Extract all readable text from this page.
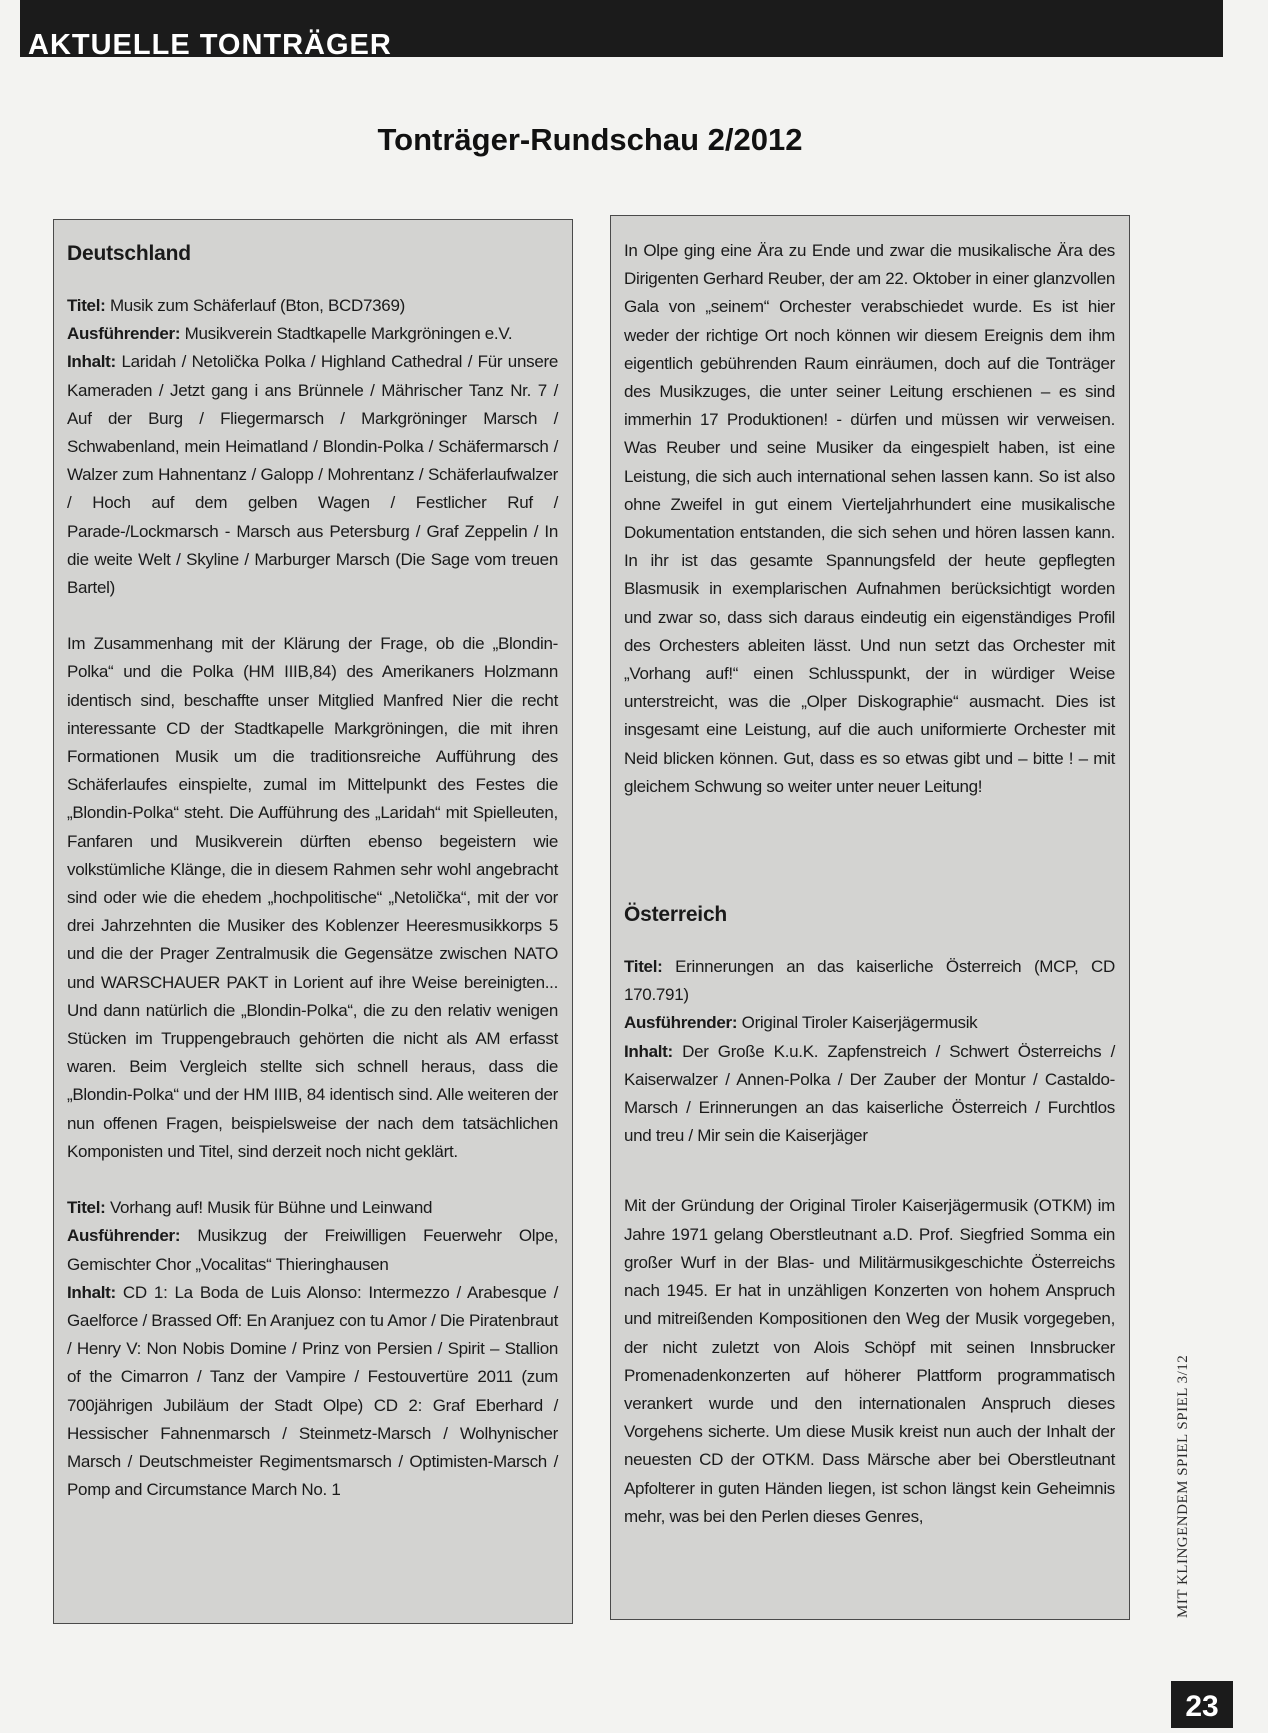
AKTUELLE TONTRÄGER
Tonträger-Rundschau 2/2012
Deutschland

Titel: Musik zum Schäferlauf (Bton, BCD7369)
Ausführender: Musikverein Stadtkapelle Markgröningen e.V.
Inhalt: Laridah / Netolička Polka / Highland Cathedral / Für unsere Kameraden / Jetzt gang i ans Brünnele / Mährischer Tanz Nr. 7 / Auf der Burg / Fliegermarsch / Markgröninger Marsch / Schwabenland, mein Heimatland / Blondin-Polka / Schäfermarsch / Walzer zum Hahnentanz / Galopp / Mohrentanz / Schäferlaufwalzer / Hoch auf dem gelben Wagen / Festlicher Ruf / Parade-/Lockmarsch - Marsch aus Petersburg / Graf Zeppelin / In die weite Welt / Skyline / Marburger Marsch (Die Sage vom treuen Bartel)

Im Zusammenhang mit der Klärung der Frage, ob die „Blondin-Polka“ und die Polka (HM IIIB,84) des Amerikaners Holzmann identisch sind, beschaffte unser Mitglied Manfred Nier die recht interessante CD der Stadtkapelle Markgröningen, die mit ihren Formationen Musik um die traditionsreiche Aufführung des Schäferlaufes einspielte, zumal im Mittelpunkt des Festes die „Blondin-Polka“ steht. Die Aufführung des „Laridah“ mit Spielleuten, Fanfaren und Musikverein dürften ebenso begeistern wie volkstümliche Klänge, die in diesem Rahmen sehr wohl angebracht sind oder wie die ehedem „hochpolitische“ „Netolička“, mit der vor drei Jahrzehnten die Musiker des Koblenzer Heeresmusikkorps 5 und die der Prager Zentralmusik die Gegensätze zwischen NATO und WARSCHAUER PAKT in Lorient auf ihre Weise bereinigten... Und dann natürlich die „Blondin-Polka“, die zu den relativ wenigen Stücken im Truppengebrauch gehörten die nicht als AM erfasst waren. Beim Vergleich stellte sich schnell heraus, dass die „Blondin-Polka“ und der HM IIIB, 84 identisch sind. Alle weiteren der nun offenen Fragen, beispielsweise der nach dem tatsächlichen Komponisten und Titel, sind derzeit noch nicht geklärt.

Titel: Vorhang auf! Musik für Bühne und Leinwand
Ausführender: Musikzug der Freiwilligen Feuerwehr Olpe, Gemischter Chor „Vocalitas“ Thieringhausen
Inhalt: CD 1: La Boda de Luis Alonso: Intermezzo / Arabesque / Gaelforce / Brassed Off: En Aranjuez con tu Amor / Die Piratenbraut / Henry V: Non Nobis Domine / Prinz von Persien / Spirit – Stallion of the Cimarron / Tanz der Vampire / Festouvertüre 2011 (zum 700jährigen Jubiläum der Stadt Olpe) CD 2: Graf Eberhard / Hessischer Fahnenmarsch / Steinmetz-Marsch / Wolhynischer Marsch / Deutschmeister Regimentsmarsch / Optimisten-Marsch / Pomp and Circumstance March No. 1

In Olpe ging eine Ära zu Ende und zwar die musikalische Ära des Dirigenten Gerhard Reuber, der am 22. Oktober in einer glanzvollen Gala von „seinem“ Orchester verabschiedet wurde. Es ist hier weder der richtige Ort noch können wir diesem Ereignis dem ihm eigentlich gebührenden Raum einräumen, doch auf die Tonträger des Musikzuges, die unter seiner Leitung erschienen – es sind immerhin 17 Produktionen! - dürfen und müssen wir verweisen. Was Reuber und seine Musiker da eingespielt haben, ist eine Leistung, die sich auch international sehen lassen kann. So ist also ohne Zweifel in gut einem Vierteljahrhundert eine musikalische Dokumentation entstanden, die sich sehen und hören lassen kann. In ihr ist das gesamte Spannungsfeld der heute gepflegten Blasmusik in exemplarischen Aufnahmen berücksichtigt worden und zwar so, dass sich daraus eindeutig ein eigenständiges Profil des Orchesters ableiten lässt. Und nun setzt das Orchester mit „Vorhang auf!“ einen Schlusspunkt, der in würdiger Weise unterstreicht, was die „Olper Diskographie“ ausmacht. Dies ist insgesamt eine Leistung, auf die auch uniformierte Orchester mit Neid blicken können. Gut, dass es so etwas gibt und – bitte ! – mit gleichem Schwung so weiter unter neuer Leitung!

Österreich

Titel: Erinnerungen an das kaiserliche Österreich (MCP, CD 170.791)
Ausführender: Original Tiroler Kaiserjägermusik
Inhalt: Der Große K.u.K. Zapfenstreich / Schwert Österreichs / Kaiserwalzer / Annen-Polka / Der Zauber der Montur / Castaldo-Marsch / Erinnerungen an das kaiserliche Österreich / Furchtlos und treu / Mir sein die Kaiserjäger

Mit der Gründung der Original Tiroler Kaiserjägermusik (OTKM) im Jahre 1971 gelang Oberstleutnant a.D. Prof. Siegfried Somma ein großer Wurf in der Blas- und Militärmusikgeschichte Österreichs nach 1945. Er hat in unzähligen Konzerten von hohem Anspruch und mitreißenden Kompositionen den Weg der Musik vorgegeben, der nicht zuletzt von Alois Schöpf mit seinen Innsbrucker Promenadenkonzerten auf höherer Plattform programmatisch verankert wurde und den internationalen Anspruch dieses Vorgehens sicherte. Um diese Musik kreist nun auch der Inhalt der neuesten CD der OTKM. Dass Märsche aber bei Oberstleutnant Apfolterer in guten Händen liegen, ist schon längst kein Geheimnis mehr, was bei den Perlen dieses Genres,	MIT KLINGENDEM SPIEL SPIEL 3/12
23
